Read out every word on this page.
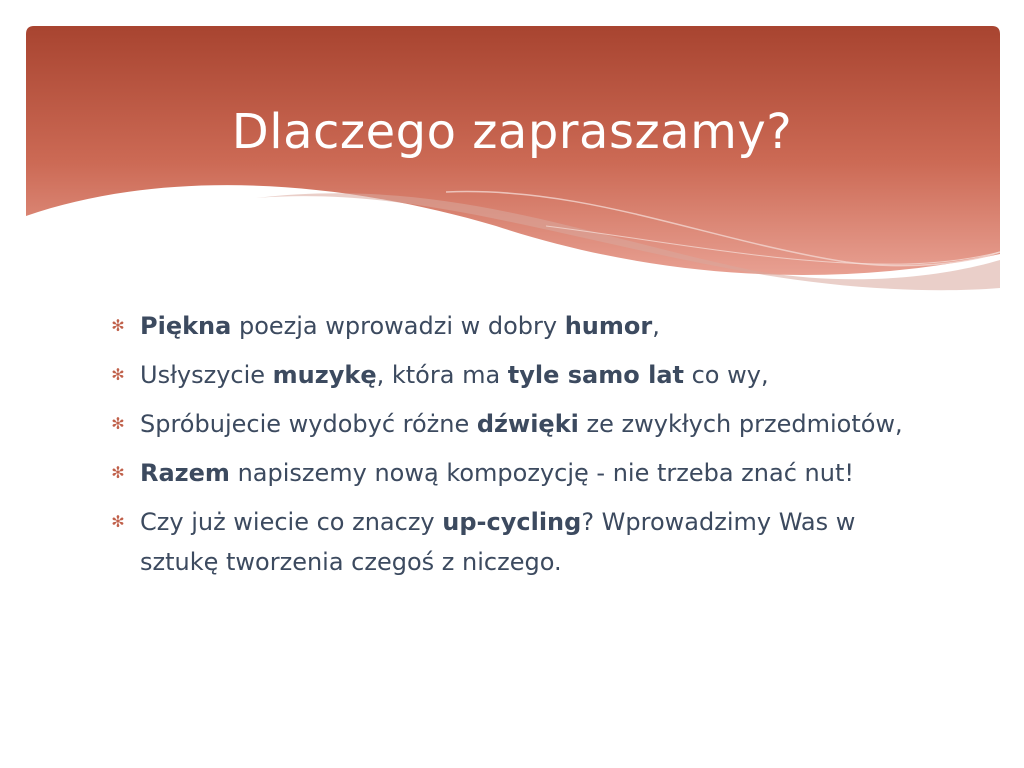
Dlaczego zapraszamy?
✻ Piękna poezja wprowadzi w dobry humor,
✻ Usłyszycie muzykę, która ma tyle samo lat co wy,
✻ Spróbujecie wydobyć różne dźwięki ze zwykłych przedmiotów,
✻ Razem napiszemy nową kompozycję - nie trzeba znać nut!
✻ Czy już wiecie co znaczy up-cycling? Wprowadzimy Was w sztukę tworzenia czegoś z niczego.
